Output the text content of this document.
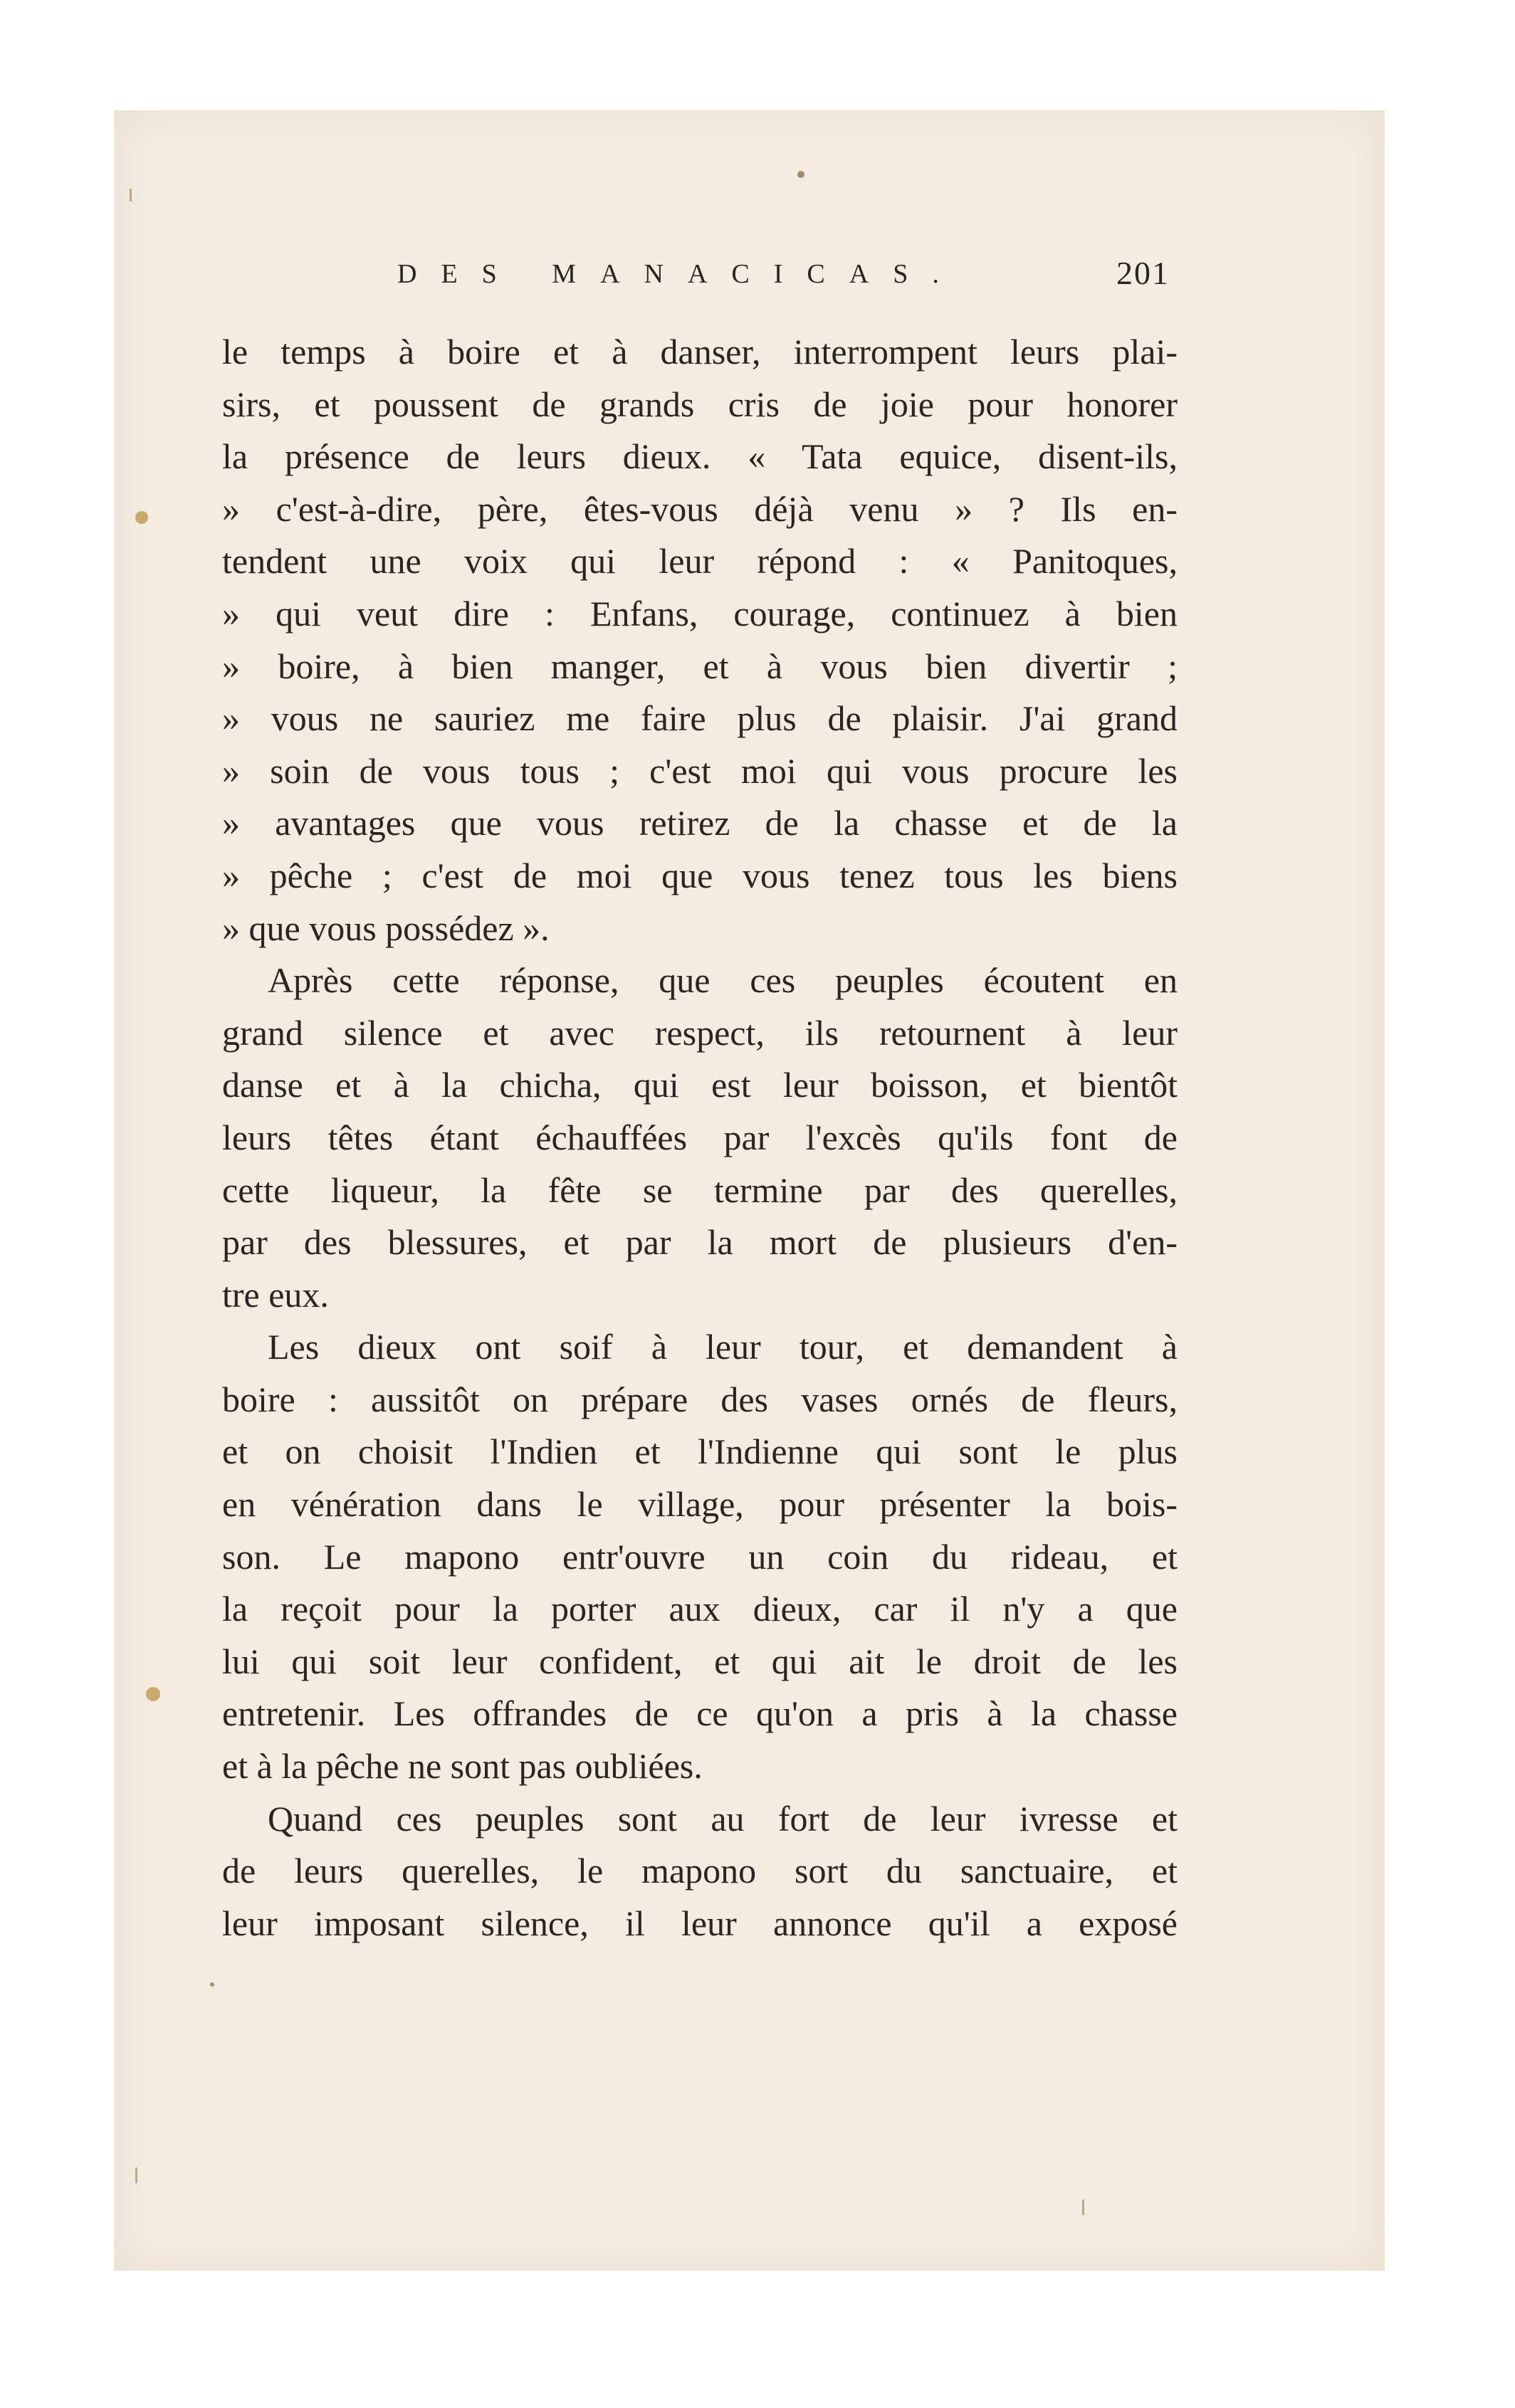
DES MANACICAS.	201
le temps à boire et à danser, interrompent leurs plai-
sirs, et poussent de grands cris de joie pour honorer
la présence de leurs dieux. « Tata equice, disent-ils,
» c'est-à-dire, père, êtes-vous déjà venu » ? Ils en-
tendent une voix qui leur répond : « Panitoques,
» qui veut dire : Enfans, courage, continuez à bien
» boire, à bien manger, et à vous bien divertir ;
» vous ne sauriez me faire plus de plaisir. J'ai grand
» soin de vous tous ; c'est moi qui vous procure les
» avantages que vous retirez de la chasse et de la
» pêche ; c'est de moi que vous tenez tous les biens
» que vous possédez ».
Après cette réponse, que ces peuples écoutent en
grand silence et avec respect, ils retournent à leur
danse et à la chicha, qui est leur boisson, et bientôt
leurs têtes étant échauffées par l'excès qu'ils font de
cette liqueur, la fête se termine par des querelles,
par des blessures, et par la mort de plusieurs d'en-
tre eux.
Les dieux ont soif à leur tour, et demandent à
boire : aussitôt on prépare des vases ornés de fleurs,
et on choisit l'Indien et l'Indienne qui sont le plus
en vénération dans le village, pour présenter la bois-
son. Le mapono entr'ouvre un coin du rideau, et
la reçoit pour la porter aux dieux, car il n'y a que
lui qui soit leur confident, et qui ait le droit de les
entretenir. Les offrandes de ce qu'on a pris à la chasse
et à la pêche ne sont pas oubliées.
Quand ces peuples sont au fort de leur ivresse et
de leurs querelles, le mapono sort du sanctuaire, et
leur imposant silence, il leur annonce qu'il a exposé
